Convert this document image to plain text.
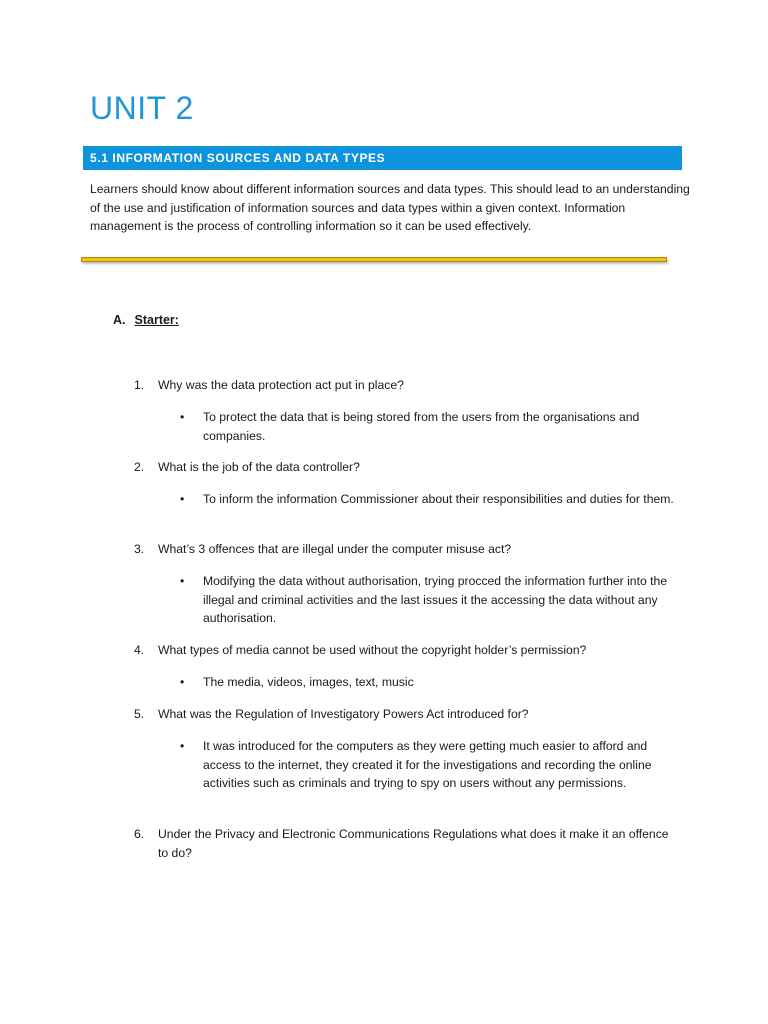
UNIT 2
5.1 INFORMATION SOURCES AND DATA TYPES

Learners should know about different information sources and data types. This should lead to an understanding of the use and justification of information sources and data types within a given context. Information management is the process of controlling information so it can be used effectively.

A. Starter:
1.	Why was the data protection act put in place?
•	To protect the data that is being stored from the users from the organisations and companies.
2.	What is the job of the data controller?
•	To inform the information Commissioner about their responsibilities and duties for them.
3.	What’s 3 offences that are illegal under the computer misuse act?
•	Modifying the data without authorisation, trying procced the information further into the illegal and criminal activities and the last issues it the accessing the data without any authorisation.
4.	What types of media cannot be used without the copyright holder’s permission?
•	The media, videos, images, text, music
5.	What was the Regulation of Investigatory Powers Act introduced for?
•	It was introduced for the computers as they were getting much easier to afford and access to the internet, they created it for the investigations and recording the online activities such as criminals and trying to spy on users without any permissions.
6.	Under the Privacy and Electronic Communications Regulations what does it make it an offence to do?
